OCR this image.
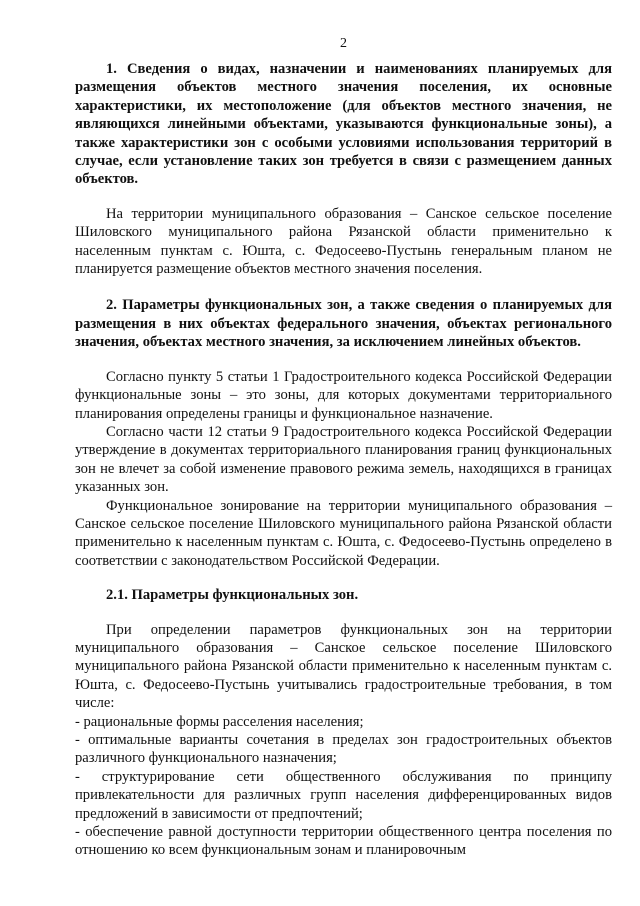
2

1. Сведения о видах, назначении и наименованиях планируемых для размещения объектов местного значения поселения, их основные характеристики, их местоположение (для объектов местного значения, не являющихся линейными объектами, указываются функциональные зоны), а также характеристики зон с особыми условиями использования территорий в случае, если установление таких зон требуется в связи с размещением данных объектов.

На территории муниципального образования – Санское сельское поселение Шиловского муниципального района Рязанской области применительно к населенным пунктам с. Юшта, с. Федосеево-Пустынь генеральным планом не планируется размещение объектов местного значения поселения.

2. Параметры функциональных зон, а также сведения о планируемых для размещения в них объектах федерального значения, объектах регионального значения, объектах местного значения, за исключением линейных объектов.

Согласно пункту 5 статьи 1 Градостроительного кодекса Российской Федерации функциональные зоны – это зоны, для которых документами территориального планирования определены границы и функциональное назначение.

Согласно части 12 статьи 9 Градостроительного кодекса Российской Федерации утверждение в документах территориального планирования границ функциональных зон не влечет за собой изменение правового режима земель, находящихся в границах указанных зон.

Функциональное зонирование на территории муниципального образования – Санское сельское поселение Шиловского муниципального района Рязанской области применительно к населенным пунктам с. Юшта, с. Федосеево-Пустынь определено в соответствии с законодательством Российской Федерации.

2.1. Параметры функциональных зон.

При определении параметров функциональных зон на территории муниципального образования – Санское сельское поселение Шиловского муниципального района Рязанской области применительно к населенным пунктам с. Юшта, с. Федосеево-Пустынь учитывались градостроительные требования, в том числе:

- рациональные формы расселения населения;

- оптимальные варианты сочетания в пределах зон градостроительных объектов различного функционального назначения;

- структурирование сети общественного обслуживания по принципу привлекательности для различных групп населения дифференцированных видов предложений в зависимости от предпочтений;

- обеспечение равной доступности территории общественного центра поселения по отношению ко всем функциональным зонам и планировочным
